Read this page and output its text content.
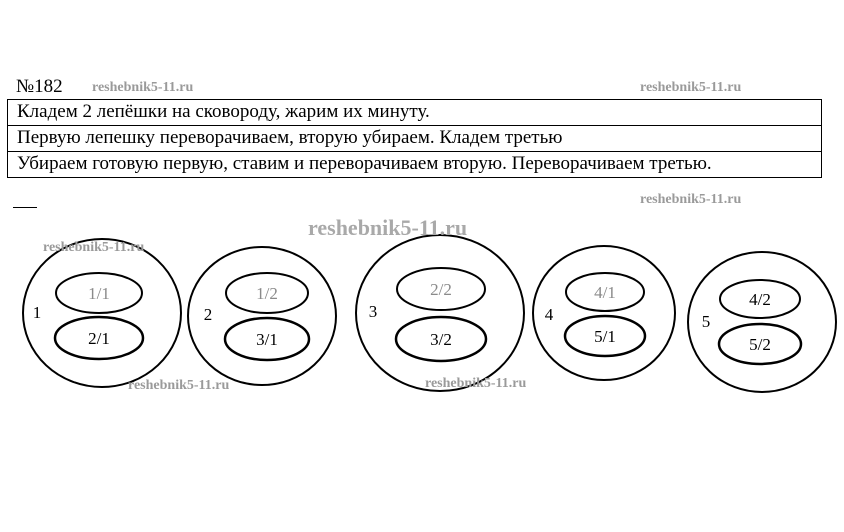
№182 reshebnik5-11.ru	reshebnik5-11.ru
Кладем 2 лепёшки на сковороду, жарим их минуту.
Первую лепешку переворачиваем, вторую убираем. Кладем третью
Убираем готовую первую, ставим и переворачиваем вторую. Переворачиваем третью.
reshebnik5-11.ru
1
1/1
2/1
2
1/2
3/1
3
2/2
3/2
4
4/1
5/1
5
4/2
5/2
reshebnik5-11.ru
reshebnik5-11.ru
reshebnik5-11.ru	reshebnik5-11.ru
